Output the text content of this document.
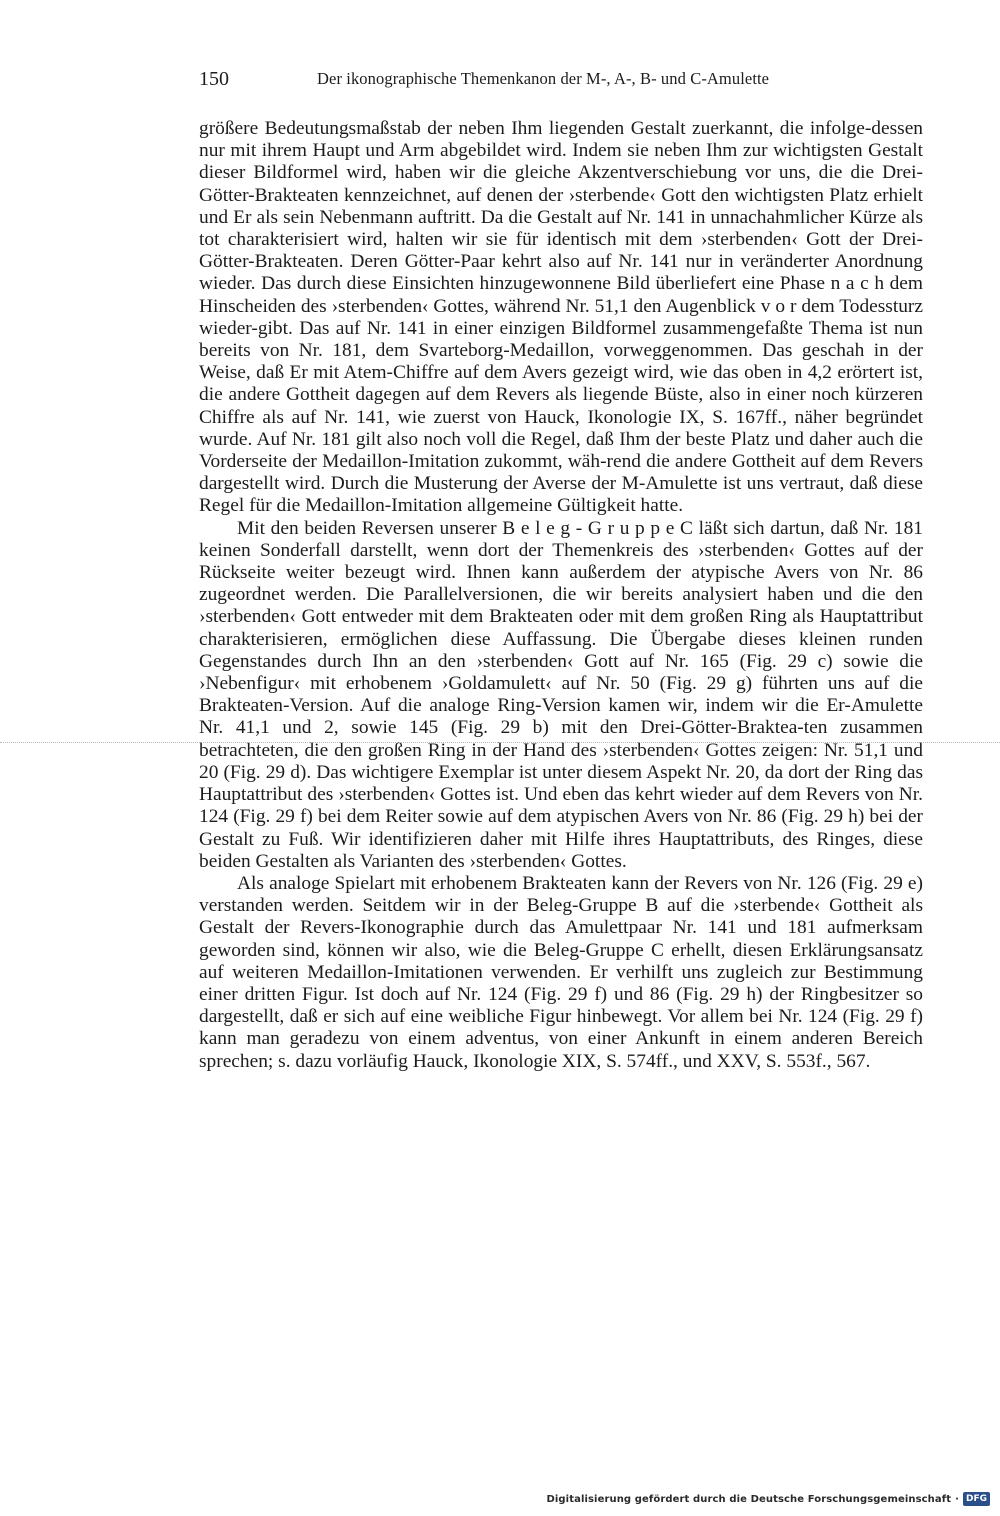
150	Der ikonographische Themenkanon der M-, A-, B- und C-Amulette

größere Bedeutungsmaßstab der neben Ihm liegenden Gestalt zuerkannt, die infolge-dessen nur mit ihrem Haupt und Arm abgebildet wird. Indem sie neben Ihm zur wichtigsten Gestalt dieser Bildformel wird, haben wir die gleiche Akzentverschiebung vor uns, die die Drei-Götter-Brakteaten kennzeichnet, auf denen der ›sterbende‹ Gott den wichtigsten Platz erhielt und Er als sein Nebenmann auftritt. Da die Gestalt auf Nr. 141 in unnachahmlicher Kürze als tot charakterisiert wird, halten wir sie für identisch mit dem ›sterbenden‹ Gott der Drei-Götter-Brakteaten. Deren Götter-Paar kehrt also auf Nr. 141 nur in veränderter Anordnung wieder. Das durch diese Einsichten hinzugewonnene Bild überliefert eine Phase n a c h dem Hinscheiden des ›sterbenden‹ Gottes, während Nr. 51,1 den Augenblick v o r dem Todessturz wieder-gibt. Das auf Nr. 141 in einer einzigen Bildformel zusammengefaßte Thema ist nun bereits von Nr. 181, dem Svarteborg-Medaillon, vorweggenommen. Das geschah in der Weise, daß Er mit Atem-Chiffre auf dem Avers gezeigt wird, wie das oben in 4,2 erörtert ist, die andere Gottheit dagegen auf dem Revers als liegende Büste, also in einer noch kürzeren Chiffre als auf Nr. 141, wie zuerst von Hauck, Ikonologie IX, S. 167ff., näher begründet wurde. Auf Nr. 181 gilt also noch voll die Regel, daß Ihm der beste Platz und daher auch die Vorderseite der Medaillon-Imitation zukommt, wäh-rend die andere Gottheit auf dem Revers dargestellt wird. Durch die Musterung der Averse der M-Amulette ist uns vertraut, daß diese Regel für die Medaillon-Imitation allgemeine Gültigkeit hatte.

Mit den beiden Reversen unserer B e l e g - G r u p p e C läßt sich dartun, daß Nr. 181 keinen Sonderfall darstellt, wenn dort der Themenkreis des ›sterbenden‹ Gottes auf der Rückseite weiter bezeugt wird. Ihnen kann außerdem der atypische Avers von Nr. 86 zugeordnet werden. Die Parallelversionen, die wir bereits analysiert haben und die den ›sterbenden‹ Gott entweder mit dem Brakteaten oder mit dem großen Ring als Hauptattribut charakterisieren, ermöglichen diese Auffassung. Die Übergabe dieses kleinen runden Gegenstandes durch Ihn an den ›sterbenden‹ Gott auf Nr. 165 (Fig. 29 c) sowie die ›Nebenfigur‹ mit erhobenem ›Goldamulett‹ auf Nr. 50 (Fig. 29 g) führten uns auf die Brakteaten-Version. Auf die analoge Ring-Version kamen wir, indem wir die Er-Amulette Nr. 41,1 und 2, sowie 145 (Fig. 29 b) mit den Drei-Götter-Braktea-ten zusammen betrachteten, die den großen Ring in der Hand des ›sterbenden‹ Gottes zeigen: Nr. 51,1 und 20 (Fig. 29 d). Das wichtigere Exemplar ist unter diesem Aspekt Nr. 20, da dort der Ring das Hauptattribut des ›sterbenden‹ Gottes ist. Und eben das kehrt wieder auf dem Revers von Nr. 124 (Fig. 29 f) bei dem Reiter sowie auf dem atypischen Avers von Nr. 86 (Fig. 29 h) bei der Gestalt zu Fuß. Wir identifizieren daher mit Hilfe ihres Hauptattributs, des Ringes, diese beiden Gestalten als Varianten des ›sterbenden‹ Gottes.

Als analoge Spielart mit erhobenem Brakteaten kann der Revers von Nr. 126 (Fig. 29 e) verstanden werden. Seitdem wir in der Beleg-Gruppe B auf die ›sterbende‹ Gottheit als Gestalt der Revers-Ikonographie durch das Amulettpaar Nr. 141 und 181 aufmerksam geworden sind, können wir also, wie die Beleg-Gruppe C erhellt, diesen Erklärungsansatz auf weiteren Medaillon-Imitationen verwenden. Er verhilft uns zugleich zur Bestimmung einer dritten Figur. Ist doch auf Nr. 124 (Fig. 29 f) und 86 (Fig. 29 h) der Ringbesitzer so dargestellt, daß er sich auf eine weibliche Figur hinbewegt. Vor allem bei Nr. 124 (Fig. 29 f) kann man geradezu von einem adventus, von einer Ankunft in einem anderen Bereich sprechen; s. dazu vorläufig Hauck, Ikonologie XIX, S. 574ff., und XXV, S. 553f., 567.

Digitalisierung gefördert durch die Deutsche Forschungsgemeinschaft · DFG
